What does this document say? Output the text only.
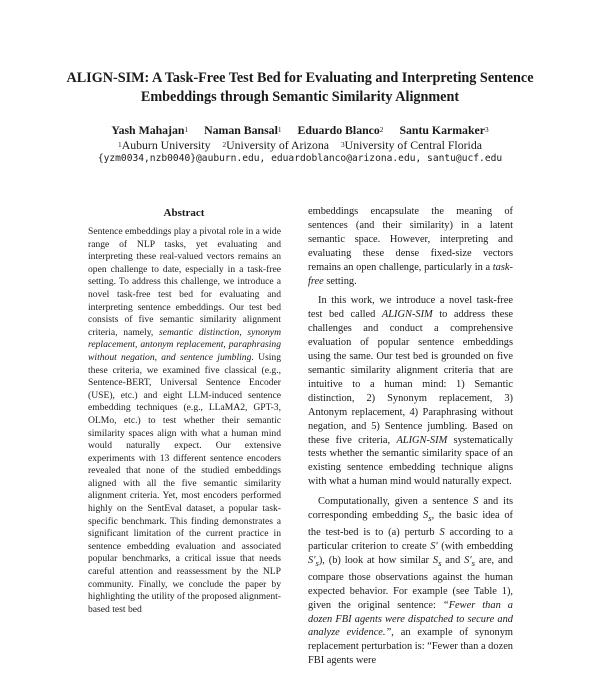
ALIGN-SIM: A Task-Free Test Bed for Evaluating and Interpreting Sentence Embeddings through Semantic Similarity Alignment
Yash Mahajan$^1$ Naman Bansal$^1$ Eduardo Blanco$^2$ Santu Karmaker$^3$
$^1$Auburn University $^2$University of Arizona $^3$University of Central Florida
{yzm0034,nzb0040}@auburn.edu, eduardoblanco@arizona.edu, santu@ucf.edu
Abstract
Sentence embeddings play a pivotal role in a wide range of NLP tasks, yet evaluating and interpreting these real-valued vectors remains an open challenge to date, especially in a task-free setting. To address this challenge, we introduce a novel task-free test bed for evaluating and interpreting sentence embeddings. Our test bed consists of five semantic similarity alignment criteria, namely, semantic distinction, synonym replacement, antonym replacement, paraphrasing without negation, and sentence jumbling. Using these criteria, we examined five classical (e.g., Sentence-BERT, Universal Sentence Encoder (USE), etc.) and eight LLM-induced sentence embedding techniques (e.g., LLaMA2, GPT-3, OLMo, etc.) to test whether their semantic similarity spaces align with what a human mind would naturally expect. Our extensive experiments with 13 different sentence encoders revealed that none of the studied embeddings aligned with all the five semantic similarity alignment criteria. Yet, most encoders performed highly on the SentEval dataset, a popular task-specific benchmark. This finding demonstrates a significant limitation of the current practice in sentence embedding evaluation and associated popular benchmarks, a critical issue that needs careful attention and reassessment by the NLP community. Finally, we conclude the paper by highlighting the utility of the proposed alignment-based test bed

embeddings encapsulate the meaning of sentences (and their similarity) in a latent semantic space. However, interpreting and evaluating these dense fixed-size vectors remains an open challenge, particularly in a task-free setting.

In this work, we introduce a novel task-free test bed called ALIGN-SIM to address these challenges and conduct a comprehensive evaluation of popular sentence embeddings using the same. Our test bed is grounded on five semantic similarity alignment criteria that are intuitive to a human mind: 1) Semantic distinction, 2) Synonym replacement, 3) Antonym replacement, 4) Paraphrasing without negation, and 5) Sentence jumbling. Based on these five criteria, ALIGN-SIM systematically tests whether the semantic similarity space of an existing sentence embedding technique aligns with what a human mind would naturally expect.

Computationally, given a sentence S and its corresponding embedding $S_s$, the basic idea of the test-bed is to (a) perturb S according to a particular criterion to create S′ (with embedding $S'_s$), (b) look at how similar $S_s$ and $S'_s$ are, and compare those observations against the human expected behavior. For example (see Table 1), given the original sentence: “Fewer than a dozen FBI agents were dispatched to secure and analyze evidence.”, an example of synonym replacement perturbation is: “Fewer than a dozen FBI agents were
